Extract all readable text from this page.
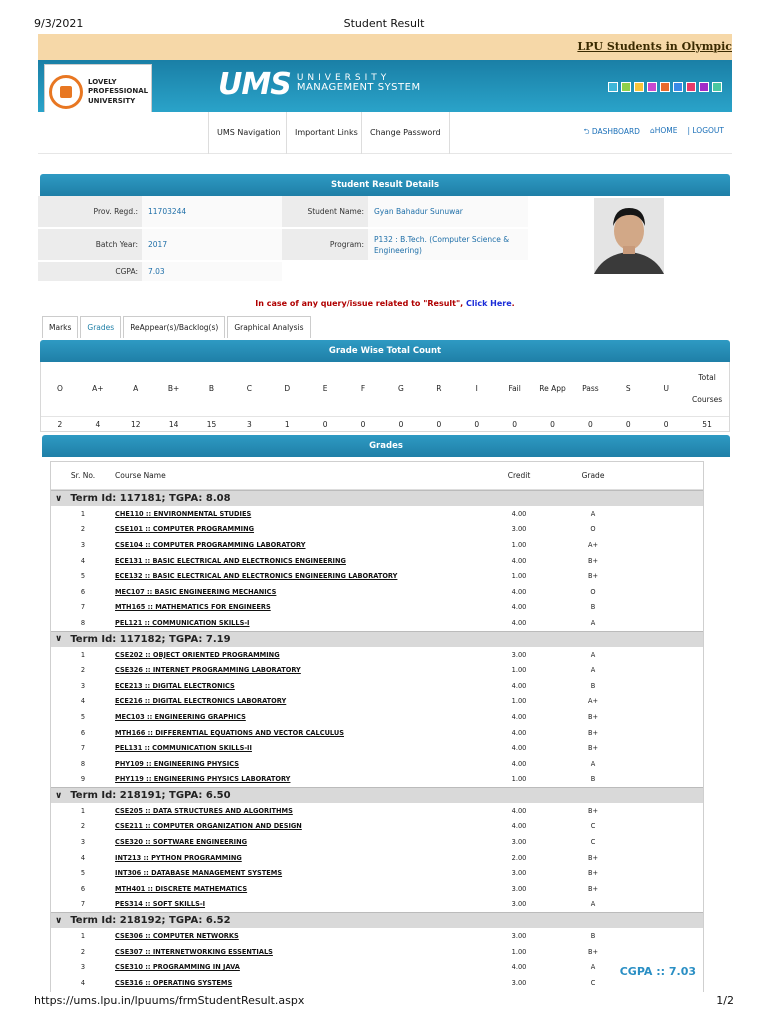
9/3/2021	Student Result
LPU Students in Olympic
UMS UNIVERSITY
MANAGEMENT SYSTEM
LOVELY
PROFESSIONAL
UNIVERSITY
UMS Navigation	Important Links	Change Password	⮌ DASHBOARD ⌂HOME | LOGOUT
Student Result Details
Prov. Regd.:	11703244	Student Name:	Gyan Bahadur Sunuwar
Batch Year:	2017	Program:
P132 : B.Tech. (Computer Science & Engineering)
CGPA:	7.03
In case of any query/issue related to "Result", Click Here.
Marks	Grades	ReAppear(s)/Backlog(s)	Graphical Analysis
Grade Wise Total Count
O	A+	A	B+	B	C	D	E	F	G	R	I	Fail	Re App	Pass	S	U
Total Courses
2	4	12	14	15	3	1	0	0	0	0	0	0	0	0	0	0	51
Grades
Sr. No.	Course Name	Credit	Grade
∨ Term Id: 117181; TGPA: 8.08
1	CHE110 :: ENVIRONMENTAL STUDIES	4.00	A
2	CSE101 :: COMPUTER PROGRAMMING	3.00	O
3	CSE104 :: COMPUTER PROGRAMMING LABORATORY	1.00	A+
4	ECE131 :: BASIC ELECTRICAL AND ELECTRONICS ENGINEERING	4.00	B+
5	ECE132 :: BASIC ELECTRICAL AND ELECTRONICS ENGINEERING LABORATORY	1.00	B+
6	MEC107 :: BASIC ENGINEERING MECHANICS	4.00	O
7	MTH165 :: MATHEMATICS FOR ENGINEERS	4.00	B
8	PEL121 :: COMMUNICATION SKILLS-I	4.00	A
∨ Term Id: 117182; TGPA: 7.19
1	CSE202 :: OBJECT ORIENTED PROGRAMMING	3.00	A
2	CSE326 :: INTERNET PROGRAMMING LABORATORY	1.00	A
3	ECE213 :: DIGITAL ELECTRONICS	4.00	B
4	ECE216 :: DIGITAL ELECTRONICS LABORATORY	1.00	A+
5	MEC103 :: ENGINEERING GRAPHICS	4.00	B+
6	MTH166 :: DIFFERENTIAL EQUATIONS AND VECTOR CALCULUS	4.00	B+
7	PEL131 :: COMMUNICATION SKILLS-II	4.00	B+
8	PHY109 :: ENGINEERING PHYSICS	4.00	A
9	PHY119 :: ENGINEERING PHYSICS LABORATORY	1.00	B
∨ Term Id: 218191; TGPA: 6.50
1	CSE205 :: DATA STRUCTURES AND ALGORITHMS	4.00	B+
2	CSE211 :: COMPUTER ORGANIZATION AND DESIGN	4.00	C
3	CSE320 :: SOFTWARE ENGINEERING	3.00	C
4	INT213 :: PYTHON PROGRAMMING	2.00	B+
5	INT306 :: DATABASE MANAGEMENT SYSTEMS	3.00	B+
6	MTH401 :: DISCRETE MATHEMATICS	3.00	B+
7	PES314 :: SOFT SKILLS-I	3.00	A
∨ Term Id: 218192; TGPA: 6.52
1	CSE306 :: COMPUTER NETWORKS	3.00	B
2	CSE307 :: INTERNETWORKING ESSENTIALS	1.00	B+
3	CSE310 :: PROGRAMMING IN JAVA	4.00	A
4	CSE316 :: OPERATING SYSTEMS	3.00	C
CGPA :: 7.03
https://ums.lpu.in/lpuums/frmStudentResult.aspx	1/2
